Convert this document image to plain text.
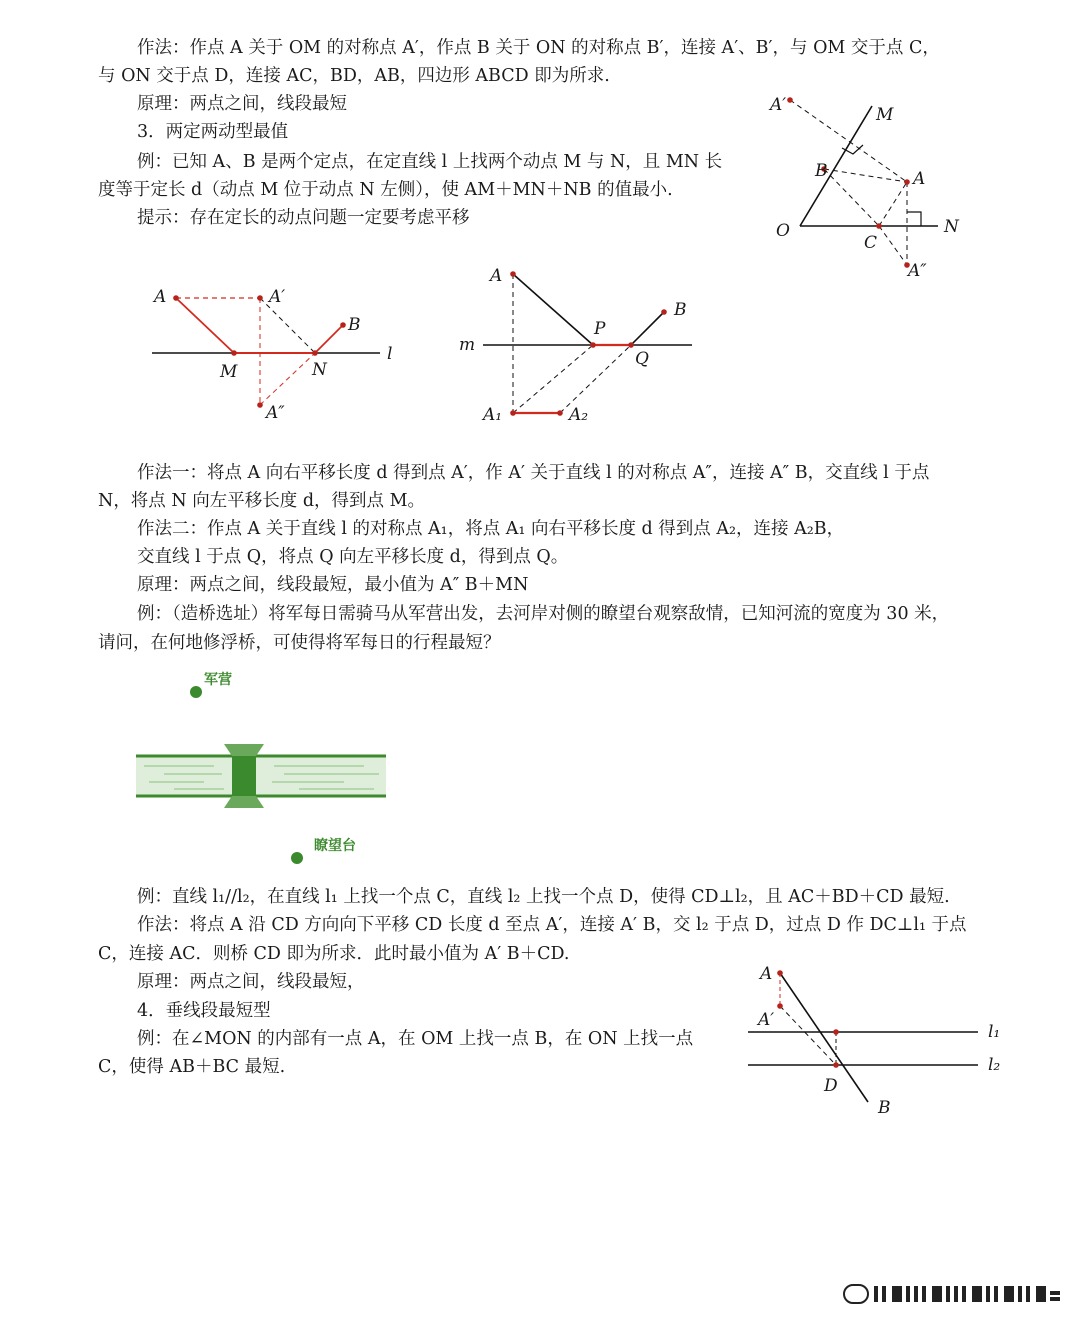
作法：作点 A 关于 OM 的对称点 A′，作点 B 关于 ON 的对称点 B′，连接 A′、B′，与 OM 交于点 C，
与 ON 交于点 D，连接 AC，BD，AB，四边形 ABCD 即为所求.
原理：两点之间，线段最短
3．两定两动型最值
例：已知 A、B 是两个定点，在定直线 l 上找两个动点 M 与 N，且 MN 长
度等于定长 d（动点 M 位于动点 N 左侧），使 AM＋MN＋NB 的值最小.
提示：存在定长的动点问题一定要考虑平移
作法一：将点 A 向右平移长度 d 得到点 A′，作 A′ 关于直线 l 的对称点 A″，连接 A″ B，交直线 l 于点
N，将点 N 向左平移长度 d，得到点 M。
作法二：作点 A 关于直线 l 的对称点 A₁，将点 A₁ 向右平移长度 d 得到点 A₂，连接 A₂B，
交直线 l 于点 Q，将点 Q 向左平移长度 d，得到点 Q。
原理：两点之间，线段最短，最小值为 A″ B＋MN
例：（造桥选址）将军每日需骑马从军营出发，去河岸对侧的瞭望台观察敌情，已知河流的宽度为 30 米，
请问，在何地修浮桥，可使得将军每日的行程最短？
例：直线 l₁//l₂，在直线 l₁ 上找一个点 C，直线 l₂ 上找一个点 D，使得 CD⊥l₂，且 AC＋BD＋CD 最短.
作法：将点 A 沿 CD 方向向下平移 CD 长度 d 至点 A′，连接 A′ B，交 l₂ 于点 D，过点 D 作 DC⊥l₁ 于点
C，连接 AC．则桥 CD 即为所求．此时最小值为 A′ B＋CD.
原理：两点之间，线段最短，
4．垂线段最短型
例：在∠MON 的内部有一点 A，在 OM 上找一点 B，在 ON 上找一点
C，使得 AB＋BC 最短.
A′	M
B	A
O
C
N
A″
A	A′
B
l
M	N
A″
A
B
m
P
Q
A₁	A₂
军营
瞭望台
A
A′
l₁
l₂
D
B
